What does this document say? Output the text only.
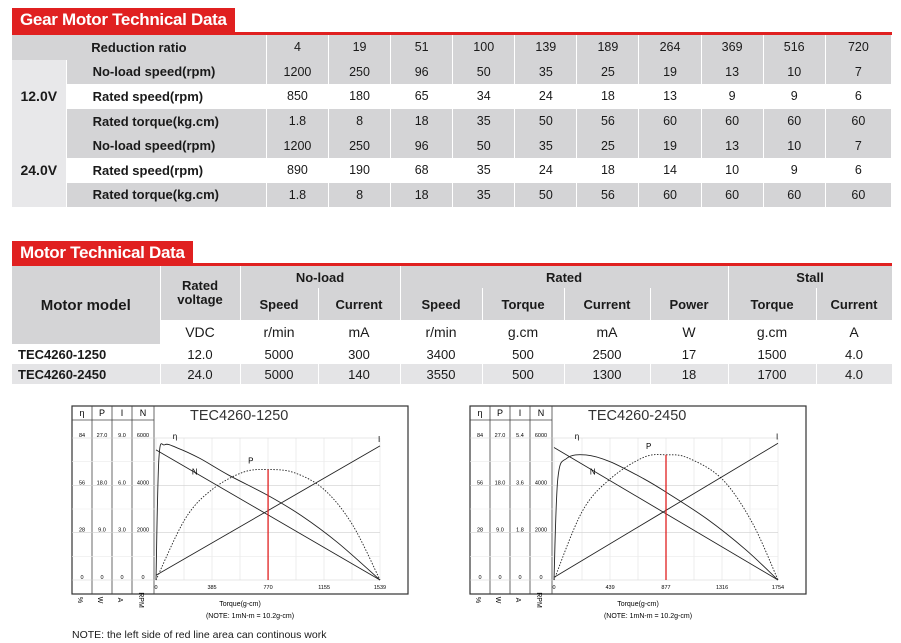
Gear Motor Technical Data
Reduction ratio		4	19	51	100	139	189	264	369	516	720
12.0V	No-load speed(rpm)	1200	250	96	50	35	25	19	13	10	7
	Rated speed(rpm)	850	180	65	34	24	18	13	9	9	6
	Rated torque(kg.cm)	1.8	8	18	35	50	56	60	60	60	60
24.0V	No-load speed(rpm)	1200	250	96	50	35	25	19	13	10	7
	Rated speed(rpm)	890	190	68	35	24	18	14	10	9	6
	Rated torque(kg.cm)	1.8	8	18	35	50	56	60	60	60	60
Motor Technical Data
Motor model	Rated voltage	No-load		Rated				Stall	
		Speed	Current	Speed	Torque	Current	Power	Torque	Current
	VDC	r/min	mA	r/min	g.cm	mA	W	g.cm	A
TEC4260-1250	12.0	5000	300	3400	500	2500	17	1500	4.0
TEC4260-2450	24.0	5000	140	3550	500	1300	18	1700	4.0
η P I N
84
56
28
0
27.0
18.0
9.0
0
9.0
6.0
3.0
0
6000
4000
2000
0
% W A RPM
0	385	770	1155	1539
Torque(g-cm)
(NOTE: 1mN-m = 10.2g-cm)
TEC4260-1250
η
N
P
I
η P I N
84
56
28
0
27.0
18.0
9.0
0
5.4
3.6
1.8
0
6000
4000
2000
0
% W A RPM
0	439	877	1316	1754
Torque(g-cm)
(NOTE: 1mN-m = 10.2g-cm)
TEC4260-2450
η
N
P
I
NOTE: the left side of red line area can continous work
